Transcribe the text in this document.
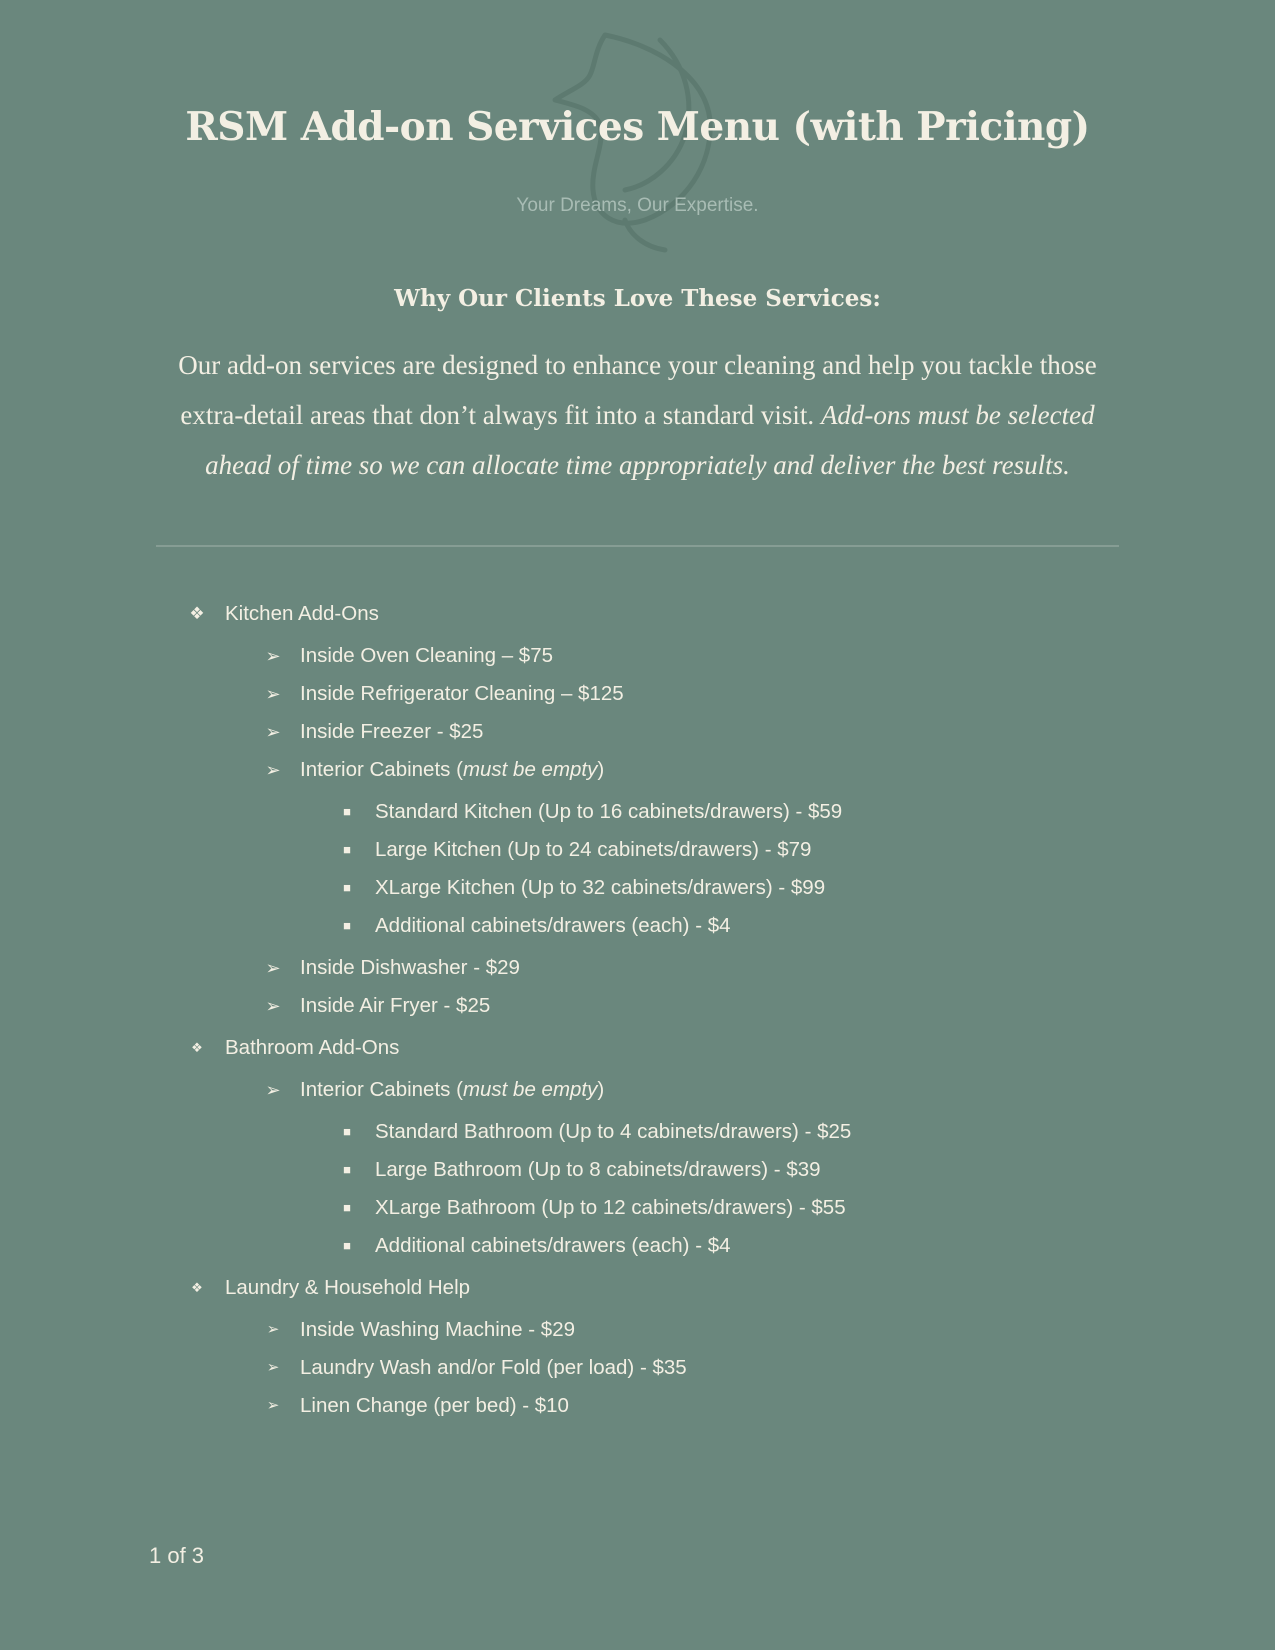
RSM Add-on Services Menu (with Pricing)
Your Dreams, Our Expertise.
Why Our Clients Love These Services:
Our add-on services are designed to enhance your cleaning and help you tackle those extra-detail areas that don’t always fit into a standard visit. Add-ons must be selected ahead of time so we can allocate time appropriately and deliver the best results.
❖ Kitchen Add-Ons
➢ Inside Oven Cleaning – $75
➢ Inside Refrigerator Cleaning – $125
➢ Inside Freezer - $25
➢ Interior Cabinets (must be empty)
■	Standard Kitchen (Up to 16 cabinets/drawers) - $59
■	Large Kitchen (Up to 24 cabinets/drawers) - $79
■	XLarge Kitchen (Up to 32 cabinets/drawers) - $99
■	Additional cabinets/drawers (each) - $4
➢ Inside Dishwasher - $29
➢ Inside Air Fryer - $25
❖ Bathroom Add-Ons
➢ Interior Cabinets (must be empty)
■	Standard Bathroom (Up to 4 cabinets/drawers) - $25
■	Large Bathroom (Up to 8 cabinets/drawers) - $39
■	XLarge Bathroom (Up to 12 cabinets/drawers) - $55
■	Additional cabinets/drawers (each) - $4
❖ Laundry & Household Help
➢ Inside Washing Machine - $29
➢ Laundry Wash and/or Fold (per load) - $35
➢ Linen Change (per bed) - $10
1 of 3
